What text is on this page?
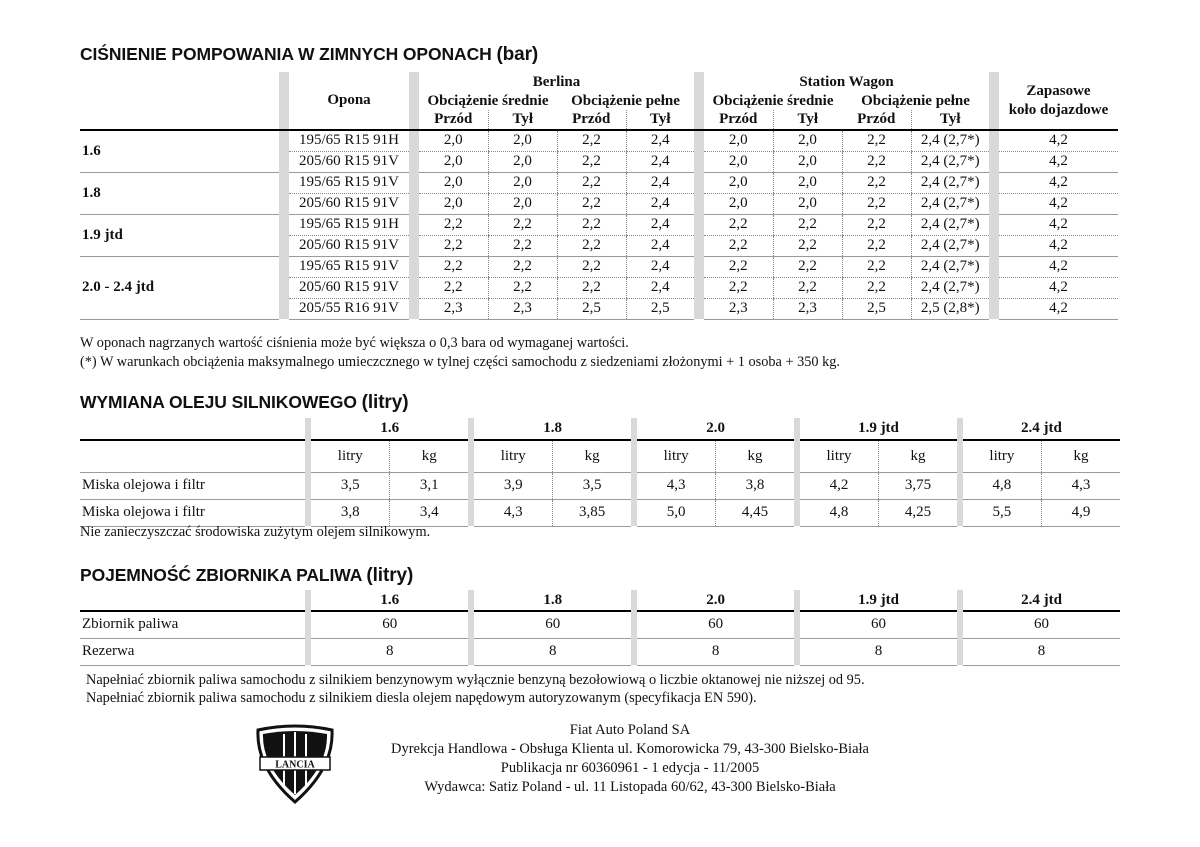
CIŚNIENIE POMPOWANIA W ZIMNYCH OPONACH (bar)
		Opona		Berlina					Station Wagon					Zapasowe
koło dojazdowe
				Obciążenie średnie		Obciążenie pełne			Obciążenie średnie		Obciążenie pełne			
				Przód	Tył	Przód	Tył		Przód	Tył	Przód	Tył		
1.6		195/65 R15 91H		2,0	2,0	2,2	2,4		2,0	2,0	2,2	2,4 (2,7*)		4,2
		205/60 R15 91V		2,0	2,0	2,2	2,4		2,0	2,0	2,2	2,4 (2,7*)		4,2
1.8		195/65 R15 91V		2,0	2,0	2,2	2,4		2,0	2,0	2,2	2,4 (2,7*)		4,2
		205/60 R15 91V		2,0	2,0	2,2	2,4		2,0	2,0	2,2	2,4 (2,7*)		4,2
1.9 jtd		195/65 R15 91H		2,2	2,2	2,2	2,4		2,2	2,2	2,2	2,4 (2,7*)		4,2
		205/60 R15 91V		2,2	2,2	2,2	2,4		2,2	2,2	2,2	2,4 (2,7*)		4,2
2.0 - 2.4 jtd		195/65 R15 91V		2,2	2,2	2,2	2,4		2,2	2,2	2,2	2,4 (2,7*)		4,2
		205/60 R15 91V		2,2	2,2	2,2	2,4		2,2	2,2	2,2	2,4 (2,7*)		4,2
		205/55 R16 91V		2,3	2,3	2,5	2,5		2,3	2,3	2,5	2,5 (2,8*)		4,2

W oponach nagrzanych wartość ciśnienia może być większa o 0,3 bara od wymaganej wartości.

(*) W warunkach obciążenia maksymalnego umieczcznego w tylnej części samochodu z siedzeniami złożonymi + 1 osoba + 350 kg.

WYMIANA OLEJU SILNIKOWEGO (litry)
		1.6			1.8			2.0			1.9 jtd			2.4 jtd	
		litry	kg		litry	kg		litry	kg		litry	kg		litry	kg
Miska olejowa i filtr		3,5	3,1		3,9	3,5		4,3	3,8		4,2	3,75		4,8	4,3
Miska olejowa i filtr		3,8	3,4		4,3	3,85		5,0	4,45		4,8	4,25		5,5	4,9

Nie zanieczyszczać środowiska zużytym olejem silnikowym.

POJEMNOŚĆ ZBIORNIKA PALIWA (litry)
		1.6		1.8		2.0		1.9 jtd		2.4 jtd
Zbiornik paliwa		60		60		60		60		60
Rezerwa		8		8		8		8		8

Napełniać zbiornik paliwa samochodu z silnikiem benzynowym wyłącznie benzyną bezołowiową o liczbie oktanowej nie niższej od 95.

Napełniać zbiornik paliwa samochodu z silnikiem diesla olejem napędowym autoryzowanym (specyfikacja EN 590).

LANCIA
Fiat Auto Poland SA
Dyrekcja Handlowa - Obsługa Klienta ul. Komorowicka 79, 43-300 Bielsko-Biała
Publikacja nr 60360961 - 1 edycja - 11/2005
Wydawca: Satiz Poland - ul. 11 Listopada 60/62, 43-300 Bielsko-Biała
